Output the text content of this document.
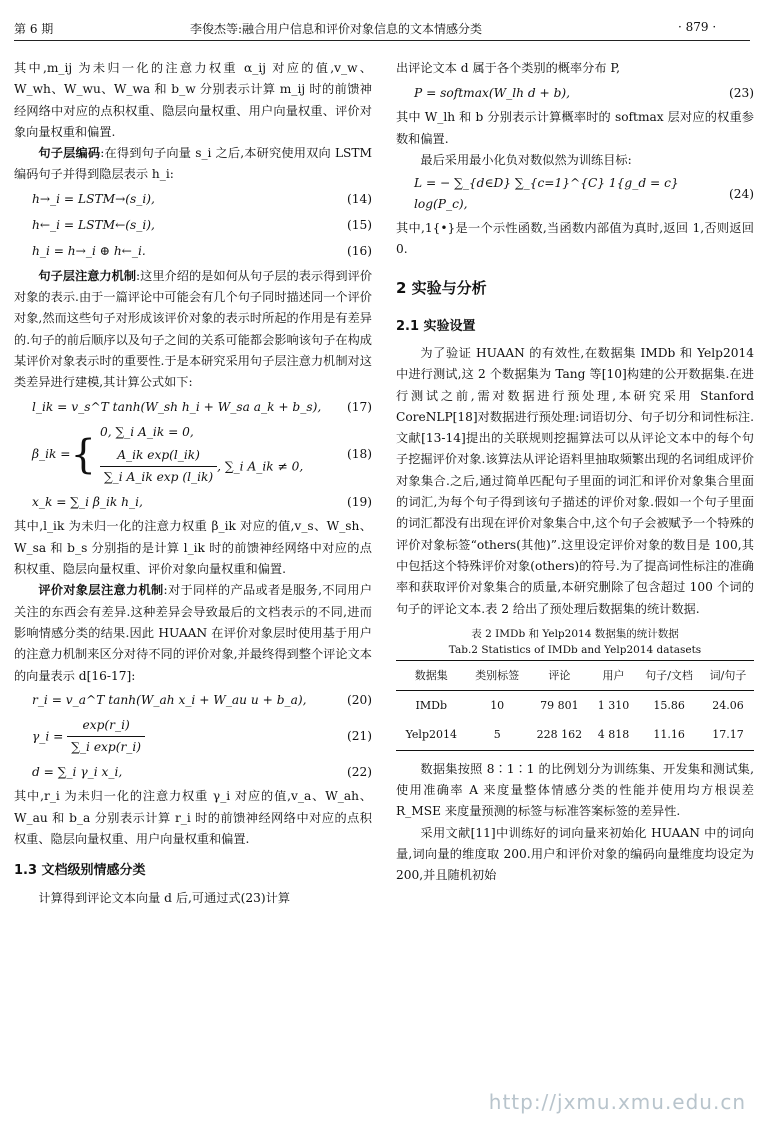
第 6 期	李俊杰等:融合用户信息和评价对象信息的文本情感分类	· 879 ·

其中,m_ij 为未归一化的注意力权重 α_ij 对应的值,v_w、W_wh、W_wu、W_wa 和 b_w 分别表示计算 m_ij 时的前馈神经网络中对应的点积权重、隐层向量权重、用户向量权重、评价对象向量权重和偏置.

句子层编码:在得到句子向量 s_i 之后,本研究使用双向 LSTM 编码句子并得到隐层表示 h_i:

h→_i = LSTM→(s_i),	(14)
h←_i = LSTM←(s_i),	(15)
h_i = h→_i ⊕ h←_i.	(16)

句子层注意力机制:这里介绍的是如何从句子层的表示得到评价对象的表示.由于一篇评论中可能会有几个句子同时描述同一个评价对象,然而这些句子对形成该评价对象的表示时所起的作用是有差异的.句子的前后顺序以及句子之间的关系可能都会影响该句子在构成某评价对象表示时的重要性.于是本研究采用句子层注意力机制对这类差异进行建模,其计算公式如下:

l_ik = v_s^T tanh(W_sh h_i + W_sa a_k + b_s),	(17)
β_ik = {
0, ∑_i A_ik = 0,
$\frac{\text{A\_ik exp(l\_ik)}}{\text{∑\_i A\_ik exp (l\_ik)}}$ , ∑_i A_ik ≠ 0,
(18)
x_k = ∑_i β_ik h_i,	(19)

其中,l_ik 为未归一化的注意力权重 β_ik 对应的值,v_s、W_sh、W_sa 和 b_s 分别指的是计算 l_ik 时的前馈神经网络中对应的点积权重、隐层向量权重、评价对象向量权重和偏置.

评价对象层注意力机制:对于同样的产品或者是服务,不同用户关注的东西会有差异.这种差异会导致最后的文档表示的不同,进而影响情感分类的结果.因此 HUAAN 在评价对象层时使用基于用户的注意力机制来区分对待不同的评价对象,并最终得到整个评论文本的向量表示 d[16-17]:

r_i = v_a^T tanh(W_ah x_i + W_au u + b_a),	(20)
γ_i = $\frac{\exp(r\_i)}{\text{∑\_i exp(r\_i)}}$	(21)
d = ∑_i γ_i x_i,	(22)

其中,r_i 为未归一化的注意力权重 γ_i 对应的值,v_a、W_ah、W_au 和 b_a 分别表示计算 r_i 时的前馈神经网络中对应的点积权重、隐层向量权重、用户向量权重和偏置.

1.3 文档级别情感分类

计算得到评论文本向量 d 后,可通过式(23)计算

出评论文本 d 属于各个类别的概率分布 P,

P = softmax(W_lh d + b),	(23)

其中 W_lh 和 b 分别表示计算概率时的 softmax 层对应的权重参数和偏置.

最后采用最小化负对数似然为训练目标:

L = − ∑_{d∈D} ∑_{c=1}^{C} 1{g_d = c} log(P_c),
(24)

其中,1{•}是一个示性函数,当函数内部值为真时,返回 1,否则返回 0.

2 实验与分析
2.1 实验设置

为了验证 HUAAN 的有效性,在数据集 IMDb 和 Yelp2014 中进行测试,这 2 个数据集为 Tang 等[10]构建的公开数据集.在进行测试之前,需对数据进行预处理,本研究采用 Stanford CoreNLP[18]对数据进行预处理:词语切分、句子切分和词性标注.文献[13-14]提出的关联规则挖掘算法可以从评论文本中的每个句子挖掘评价对象.该算法从评论语料里抽取频繁出现的名词组成评价对象集合.之后,通过简单匹配句子里面的词汇和评价对象集合里面的词汇,为每个句子得到该句子描述的评价对象.假如一个句子里面的词汇都没有出现在评价对象集合中,这个句子会被赋予一个特殊的评价对象标签“others(其他)”.这里设定评价对象的数目是 100,其中包括这个特殊评价对象(others)的符号.为了提高词性标注的准确率和获取评价对象集合的质量,本研究删除了包含超过 100 个词的句子的评论文本.表 2 给出了预处理后数据集的统计数据.

表 2 IMDb 和 Yelp2014 数据集的统计数据
Tab.2 Statistics of IMDb and Yelp2014 datasets
数据集	类别标签	评论	用户	句子/文档	词/句子
IMDb	10	79 801	1 310	15.86	24.06
Yelp2014	5	228 162	4 818	11.16	17.17

数据集按照 8∶1∶1 的比例划分为训练集、开发集和测试集,使用准确率 A 来度量整体情感分类的性能并使用均方根误差 R_MSE 来度量预测的标签与标准答案标签的差异性.

采用文献[11]中训练好的词向量来初始化 HUAAN 中的词向量,词向量的维度取 200.用户和评价对象的编码向量维度均设定为 200,并且随机初始

http://jxmu.xmu.edu.cn
